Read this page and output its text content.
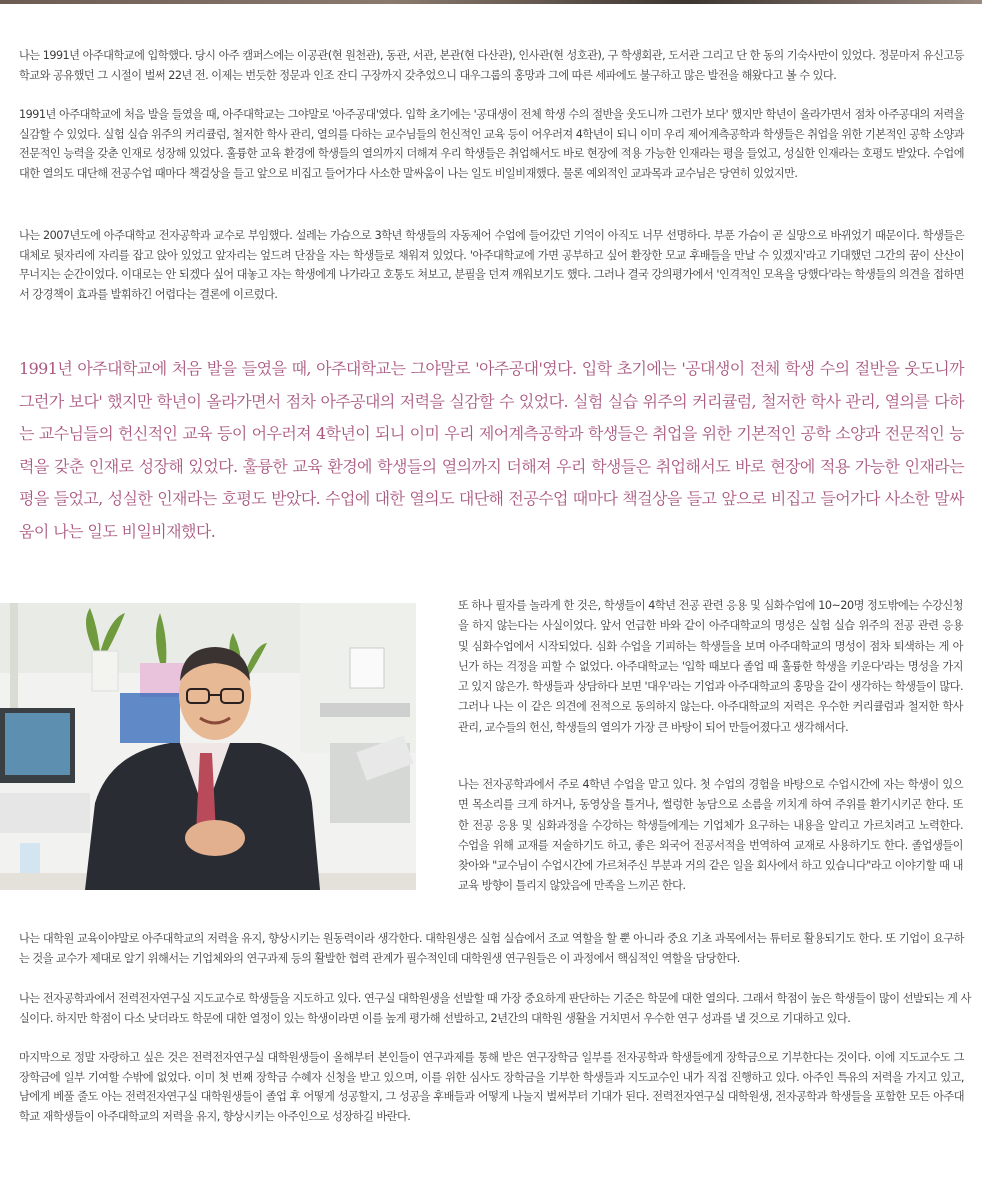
나는 1991년 아주대학교에 입학했다. 당시 아주 캠퍼스에는 이공관(현 원천관), 동관, 서관, 본관(현 다산관), 인사관(현 성호관), 구 학생회관, 도서관 그리고 단 한 동의 기숙사만이 있었다. 정문마저 유신고등학교와 공유했던 그 시절이 벌써 22년 전. 이제는 번듯한 정문과 인조 잔디 구장까지 갖추었으니 대우그룹의 홍망과 그에 따른 세파에도 불구하고 많은 발전을 해왔다고 볼 수 있다.

1991년 아주대학교에 처음 발을 들였을 때, 아주대학교는 그야말로 '아주공대'였다. 입학 초기에는 '공대생이 전체 학생 수의 절반을 웃도니까 그런가 보다' 했지만 학년이 올라가면서 점차 아주공대의 저력을 실감할 수 있었다. 실험 실습 위주의 커리큘럼, 철저한 학사 관리, 열의를 다하는 교수님들의 헌신적인 교육 등이 어우러져 4학년이 되니 이미 우리 제어계측공학과 학생들은 취업을 위한 기본적인 공학 소양과 전문적인 능력을 갖춘 인재로 성장해 있었다. 훌륭한 교육 환경에 학생들의 열의까지 더해져 우리 학생들은 취업해서도 바로 현장에 적용 가능한 인재라는 평을 들었고, 성실한 인재라는 호평도 받았다. 수업에 대한 열의도 대단해 전공수업 때마다 책걸상을 들고 앞으로 비집고 들어가다 사소한 말싸움이 나는 일도 비일비재했다. 물론 예외적인 교과목과 교수님은 당연히 있었지만.

나는 2007년도에 아주대학교 전자공학과 교수로 부임했다. 설레는 가슴으로 3학년 학생들의 자동제어 수업에 들어갔던 기억이 아직도 너무 선명하다. 부푼 가슴이 곧 실망으로 바뀌었기 때문이다. 학생들은 대체로 뒷자리에 자리를 잡고 앉아 있었고 앞자리는 엎드려 단잠을 자는 학생들로 채워져 있었다. '아주대학교에 가면 공부하고 싶어 환장한 모교 후배들을 만날 수 있겠지'라고 기대했던 그간의 꿈이 산산이 무너지는 순간이었다. 이대로는 안 되겠다 싶어 대놓고 자는 학생에게 나가라고 호통도 쳐보고, 분필을 던져 깨워보기도 했다. 그러나 결국 강의평가에서 '인격적인 모욕을 당했다'라는 학생들의 의견을 접하면서 강경책이 효과를 발휘하긴 어렵다는 결론에 이르렀다.

1991년 아주대학교에 처음 발을 들였을 때, 아주대학교는 그야말로 '아주공대'였다. 입학 초기에는 '공대생이 전체 학생 수의 절반을 웃도니까 그런가 보다' 했지만 학년이 올라가면서 점차 아주공대의 저력을 실감할 수 있었다. 실험 실습 위주의 커리큘럼, 철저한 학사 관리, 열의를 다하는 교수님들의 헌신적인 교육 등이 어우러져 4학년이 되니 이미 우리 제어계측공학과 학생들은 취업을 위한 기본적인 공학 소양과 전문적인 능력을 갖춘 인재로 성장해 있었다. 훌륭한 교육 환경에 학생들의 열의까지 더해져 우리 학생들은 취업해서도 바로 현장에 적용 가능한 인재라는 평을 들었고, 성실한 인재라는 호평도 받았다. 수업에 대한 열의도 대단해 전공수업 때마다 책걸상을 들고 앞으로 비집고 들어가다 사소한 말싸움이 나는 일도 비일비재했다.

또 하나 필자를 놀라게 한 것은, 학생들이 4학년 전공 관련 응용 및 심화수업에 10~20명 정도밖에는 수강신청을 하지 않는다는 사실이었다. 앞서 언급한 바와 같이 아주대학교의 명성은 실험 실습 위주의 전공 관련 응용 및 심화수업에서 시작되었다. 심화 수업을 기피하는 학생들을 보며 아주대학교의 명성이 점차 퇴색하는 게 아닌가 하는 걱정을 피할 수 없었다. 아주대학교는 '입학 때보다 졸업 때 훌륭한 학생을 키운다'라는 명성을 가지고 있지 않은가. 학생들과 상담하다 보면 '대우'라는 기업과 아주대학교의 홍망을 같이 생각하는 학생들이 많다. 그러나 나는 이 같은 의견에 전적으로 동의하지 않는다. 아주대학교의 저력은 우수한 커리큘럼과 철저한 학사 관리, 교수들의 헌신, 학생들의 열의가 가장 큰 바탕이 되어 만들어졌다고 생각해서다.

나는 전자공학과에서 주로 4학년 수업을 맡고 있다. 첫 수업의 경험을 바탕으로 수업시간에 자는 학생이 있으면 목소리를 크게 하거나, 동영상을 틀거나, 썰렁한 농담으로 소름을 끼치게 하여 주위를 환기시키곤 한다. 또한 전공 응용 및 심화과정을 수강하는 학생들에게는 기업체가 요구하는 내용을 알리고 가르치려고 노력한다. 수업을 위해 교재를 저술하기도 하고, 좋은 외국어 전공서적을 번역하여 교재로 사용하기도 한다. 졸업생들이 찾아와 "교수님이 수업시간에 가르쳐주신 부분과 거의 같은 일을 회사에서 하고 있습니다"라고 이야기할 때 내 교육 방향이 틀리지 않았음에 만족을 느끼곤 한다.

나는 대학원 교육이야말로 아주대학교의 저력을 유지, 향상시키는 원동력이라 생각한다. 대학원생은 실험 실습에서 조교 역할을 할 뿐 아니라 중요 기초 과목에서는 튜터로 활용되기도 한다. 또 기업이 요구하는 것을 교수가 제대로 알기 위해서는 기업체와의 연구과제 등의 활발한 협력 관계가 필수적인데 대학원생 연구원들은 이 과정에서 핵심적인 역할을 담당한다.

나는 전자공학과에서 전력전자연구실 지도교수로 학생들을 지도하고 있다. 연구실 대학원생을 선발할 때 가장 중요하게 판단하는 기준은 학문에 대한 열의다. 그래서 학점이 높은 학생들이 많이 선발되는 게 사실이다. 하지만 학점이 다소 낮더라도 학문에 대한 열정이 있는 학생이라면 이를 높게 평가해 선발하고, 2년간의 대학원 생활을 거치면서 우수한 연구 성과를 낼 것으로 기대하고 있다.

마지막으로 정말 자랑하고 싶은 것은 전력전자연구실 대학원생들이 올해부터 본인들이 연구과제를 통해 받은 연구장학금 일부를 전자공학과 학생들에게 장학금으로 기부한다는 것이다. 이에 지도교수도 그 장학금에 일부 기여할 수밖에 없었다. 이미 첫 번째 장학금 수혜자 신청을 받고 있으며, 이를 위한 심사도 장학금을 기부한 학생들과 지도교수인 내가 직접 진행하고 있다. 아주인 특유의 저력을 가지고 있고, 남에게 베풀 줄도 아는 전력전자연구실 대학원생들이 졸업 후 어떻게 성공할지, 그 성공을 후배들과 어떻게 나눌지 벌써부터 기대가 된다. 전력전자연구실 대학원생, 전자공학과 학생들을 포함한 모든 아주대학교 재학생들이 아주대학교의 저력을 유지, 향상시키는 아주인으로 성장하길 바란다.
